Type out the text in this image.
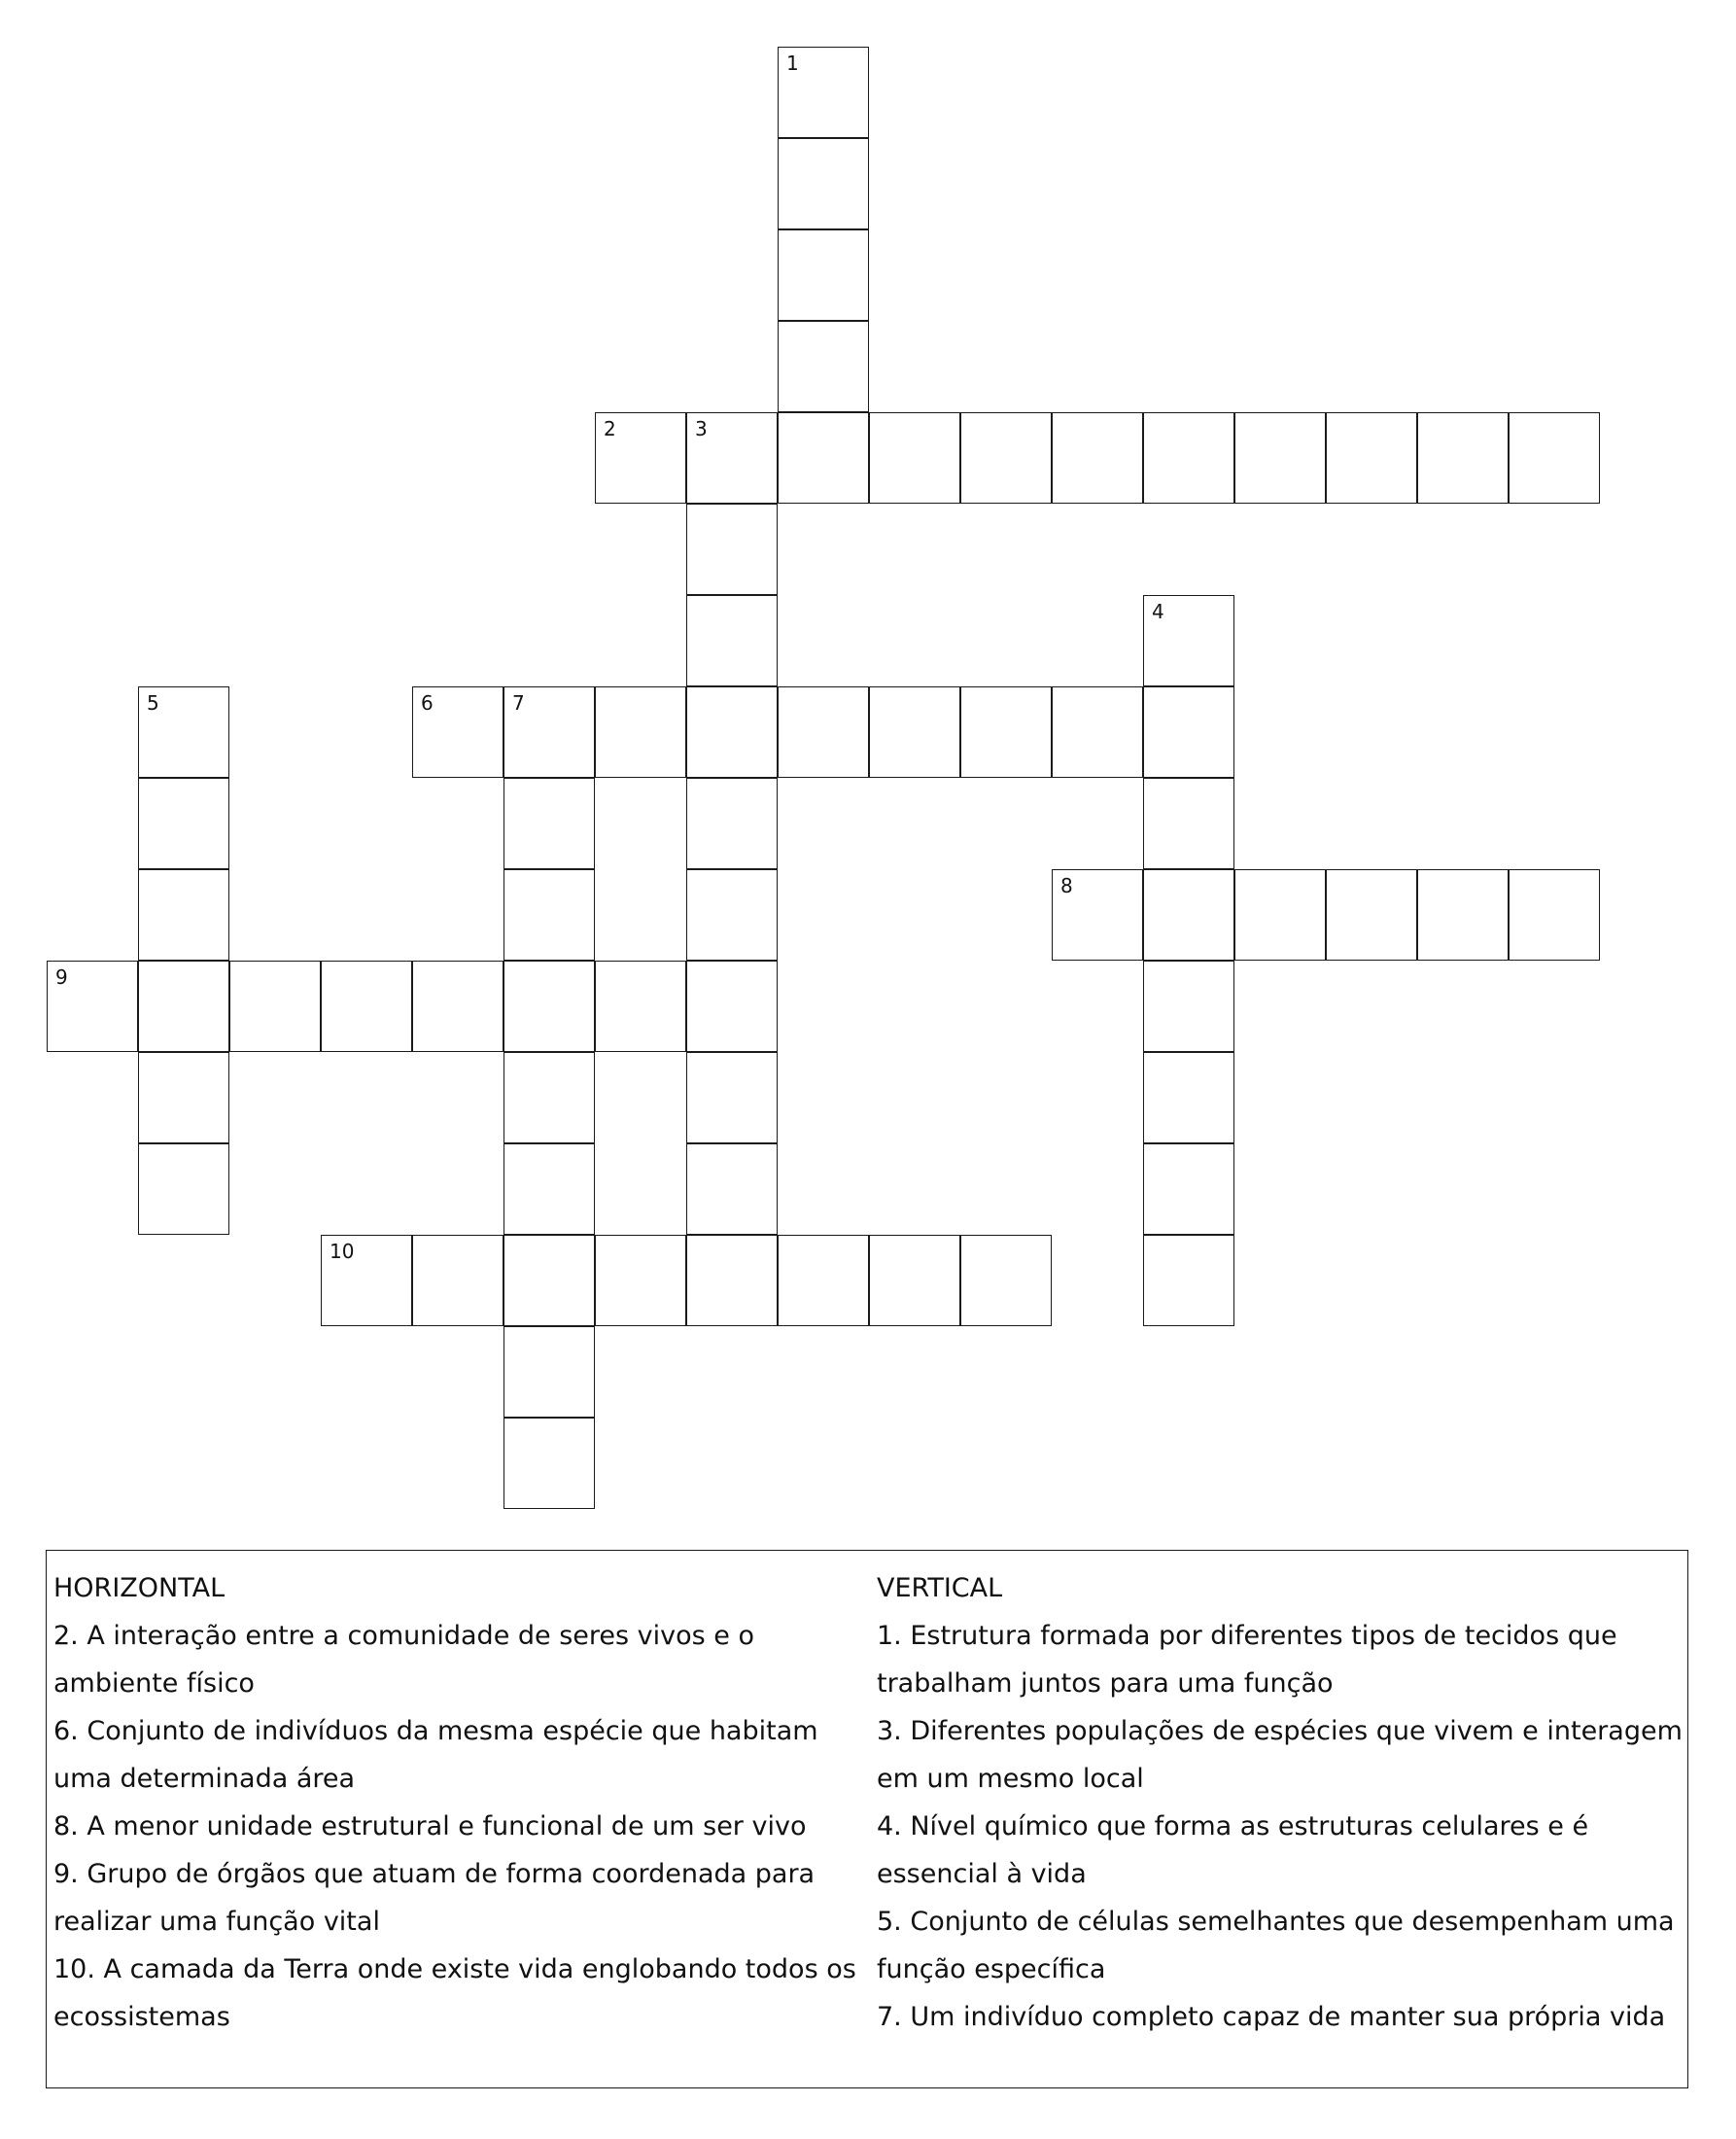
1
2	3
4
5	6	7
8
9
10
HORIZONTAL
2. A interação entre a comunidade de seres vivos e o ambiente físico
6. Conjunto de indivíduos da mesma espécie que habitam uma determinada área
8. A menor unidade estrutural e funcional de um ser vivo
9. Grupo de órgãos que atuam de forma coordenada para realizar uma função vital
10. A camada da Terra onde existe vida englobando todos os ecossistemas
VERTICAL
1. Estrutura formada por diferentes tipos de tecidos que trabalham juntos para uma função
3. Diferentes populações de espécies que vivem e interagem em um mesmo local
4. Nível químico que forma as estruturas celulares e é essencial à vida
5. Conjunto de células semelhantes que desempenham uma função específica
7. Um indivíduo completo capaz de manter sua própria vida
